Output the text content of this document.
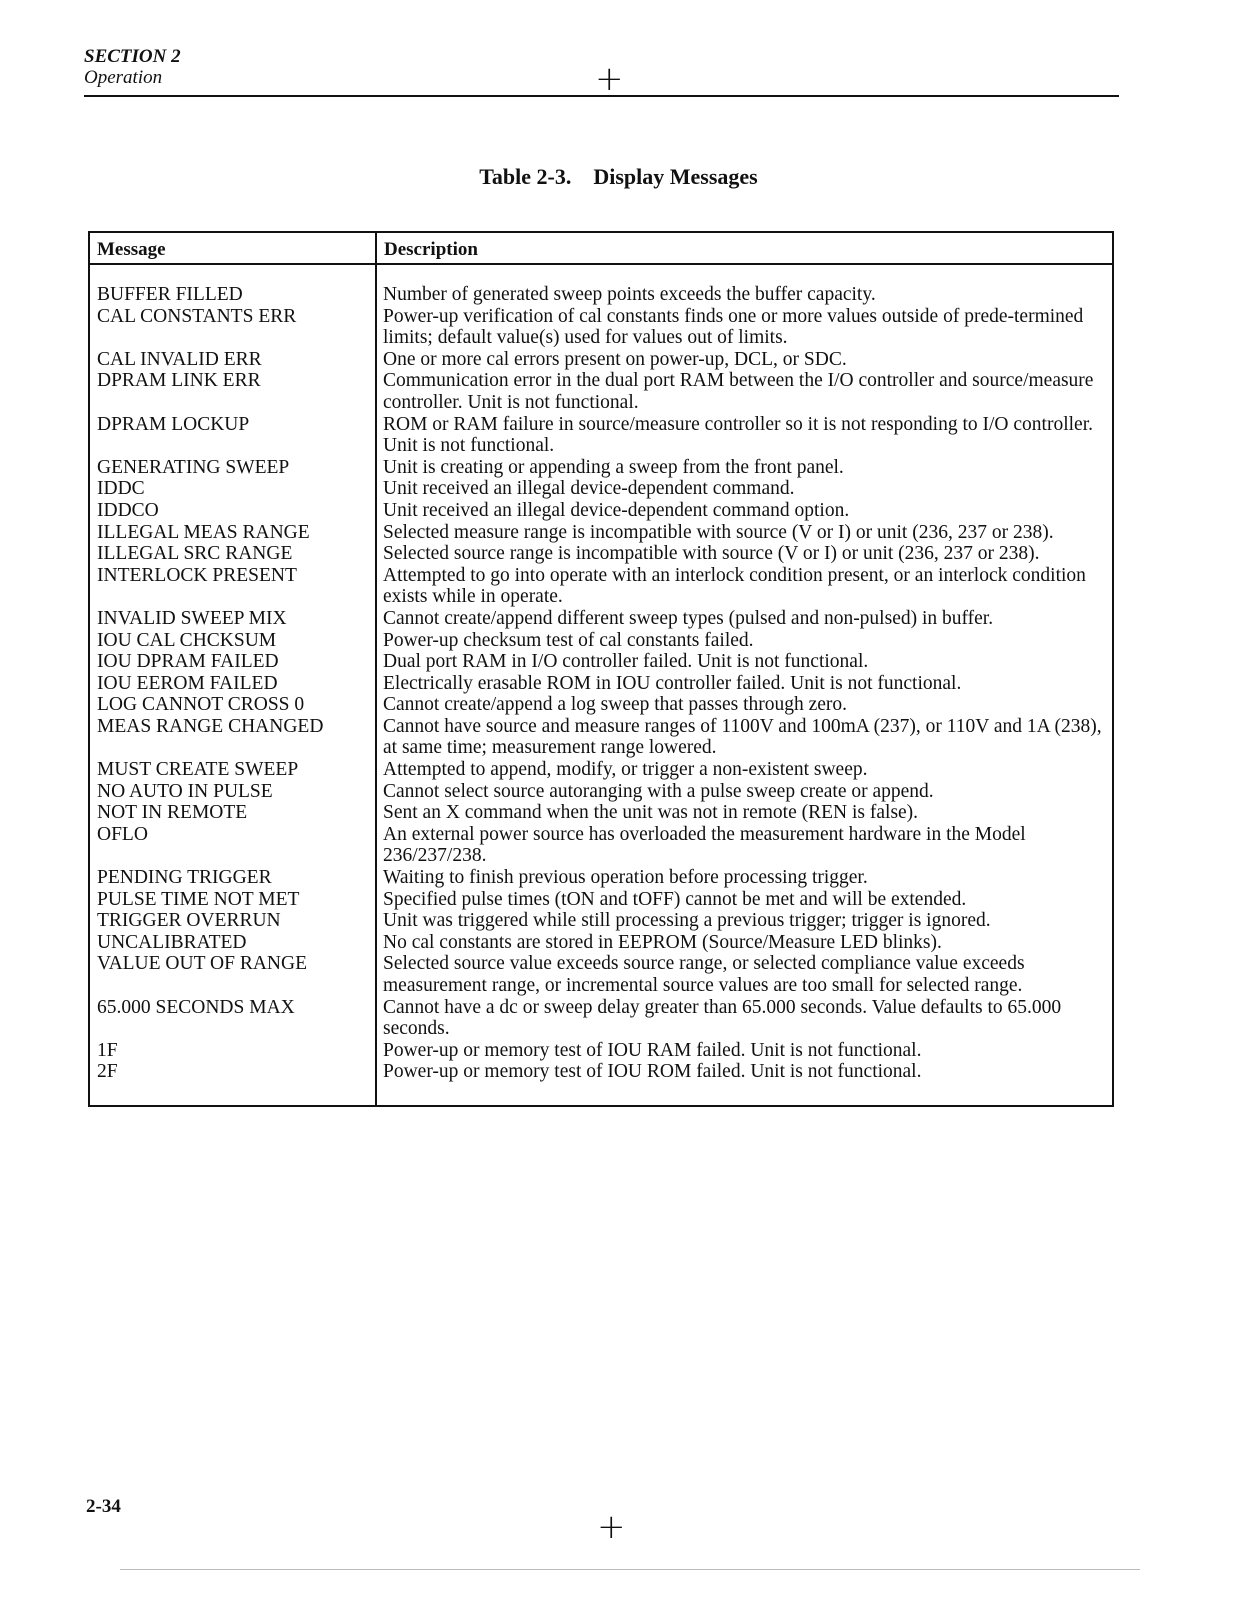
SECTION 2
Operation	+
Table 2-3. Display Messages
Message	Description
BUFFER FILLED	Number of generated sweep points exceeds the buffer capacity.
CAL CONSTANTS ERR	Power-up verification of cal constants finds one or more values outside of prede-termined limits; default value(s) used for values out of limits.
CAL INVALID ERR	One or more cal errors present on power-up, DCL, or SDC.
DPRAM LINK ERR	Communication error in the dual port RAM between the I/O controller and source/measure controller. Unit is not functional.
DPRAM LOCKUP	ROM or RAM failure in source/measure controller so it is not responding to I/O controller. Unit is not functional.
GENERATING SWEEP	Unit is creating or appending a sweep from the front panel.
IDDC	Unit received an illegal device-dependent command.
IDDCO	Unit received an illegal device-dependent command option.
ILLEGAL MEAS RANGE	Selected measure range is incompatible with source (V or I) or unit (236, 237 or 238).
ILLEGAL SRC RANGE	Selected source range is incompatible with source (V or I) or unit (236, 237 or 238).
INTERLOCK PRESENT	Attempted to go into operate with an interlock condition present, or an interlock condition exists while in operate.
INVALID SWEEP MIX	Cannot create/append different sweep types (pulsed and non-pulsed) in buffer.
IOU CAL CHCKSUM	Power-up checksum test of cal constants failed.
IOU DPRAM FAILED	Dual port RAM in I/O controller failed. Unit is not functional.
IOU EEROM FAILED	Electrically erasable ROM in IOU controller failed. Unit is not functional.
LOG CANNOT CROSS 0	Cannot create/append a log sweep that passes through zero.
MEAS RANGE CHANGED	Cannot have source and measure ranges of 1100V and 100mA (237), or 110V and 1A (238), at same time; measurement range lowered.
MUST CREATE SWEEP	Attempted to append, modify, or trigger a non-existent sweep.
NO AUTO IN PULSE	Cannot select source autoranging with a pulse sweep create or append.
NOT IN REMOTE	Sent an X command when the unit was not in remote (REN is false).
OFLO	An external power source has overloaded the measurement hardware in the Model 236/237/238.
PENDING TRIGGER	Waiting to finish previous operation before processing trigger.
PULSE TIME NOT MET	Specified pulse times (tON and tOFF) cannot be met and will be extended.
TRIGGER OVERRUN	Unit was triggered while still processing a previous trigger; trigger is ignored.
UNCALIBRATED	No cal constants are stored in EEPROM (Source/Measure LED blinks).
VALUE OUT OF RANGE	Selected source value exceeds source range, or selected compliance value exceeds measurement range, or incremental source values are too small for selected range.
65.000 SECONDS MAX	Cannot have a dc or sweep delay greater than 65.000 seconds. Value defaults to 65.000 seconds.
1F	Power-up or memory test of IOU RAM failed. Unit is not functional.
2F	Power-up or memory test of IOU ROM failed. Unit is not functional.
2-34
+
